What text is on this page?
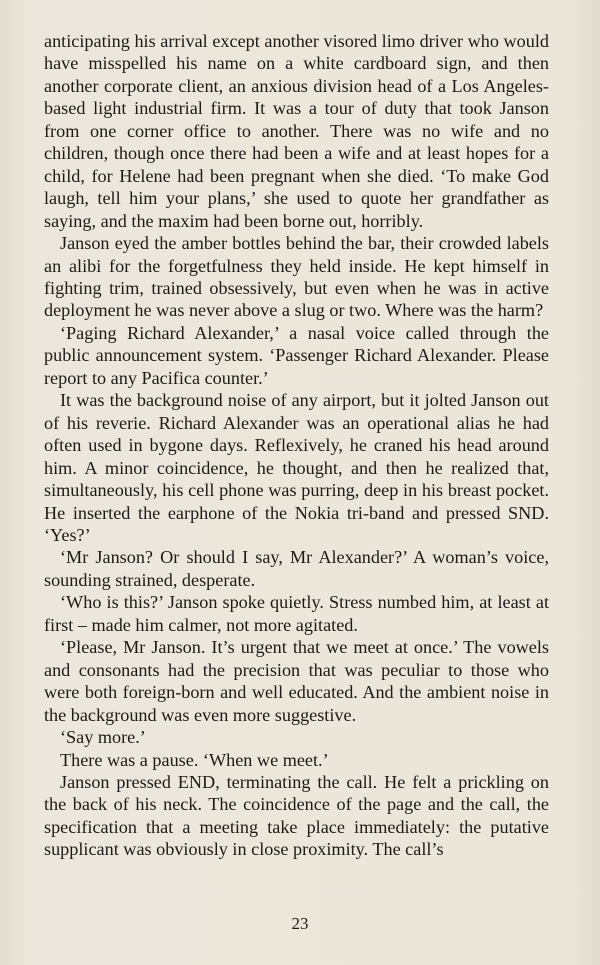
anticipating his arrival except another visored limo driver who would have misspelled his name on a white cardboard sign, and then another corporate client, an anxious division head of a Los Angeles-based light industrial firm. It was a tour of duty that took Janson from one corner office to another. There was no wife and no children, though once there had been a wife and at least hopes for a child, for Helene had been pregnant when she died. ‘To make God laugh, tell him your plans,’ she used to quote her grandfather as saying, and the maxim had been borne out, horribly.

Janson eyed the amber bottles behind the bar, their crowded labels an alibi for the forgetfulness they held inside. He kept himself in fighting trim, trained obsessively, but even when he was in active deployment he was never above a slug or two. Where was the harm?

‘Paging Richard Alexander,’ a nasal voice called through the public announcement system. ‘Passenger Richard Alexander. Please report to any Pacifica counter.’

It was the background noise of any airport, but it jolted Janson out of his reverie. Richard Alexander was an operational alias he had often used in bygone days. Reflexively, he craned his head around him. A minor coincidence, he thought, and then he realized that, simultaneously, his cell phone was purring, deep in his breast pocket. He inserted the earphone of the Nokia tri-band and pressed SND. ‘Yes?’

‘Mr Janson? Or should I say, Mr Alexander?’ A woman’s voice, sounding strained, desperate.

‘Who is this?’ Janson spoke quietly. Stress numbed him, at least at first – made him calmer, not more agitated.

‘Please, Mr Janson. It’s urgent that we meet at once.’ The vowels and consonants had the precision that was peculiar to those who were both foreign-born and well educated. And the ambient noise in the background was even more suggestive.

‘Say more.’

There was a pause. ‘When we meet.’

Janson pressed END, terminating the call. He felt a prickling on the back of his neck. The coincidence of the page and the call, the specification that a meeting take place immediately: the putative supplicant was obviously in close proximity. The call’s

23
